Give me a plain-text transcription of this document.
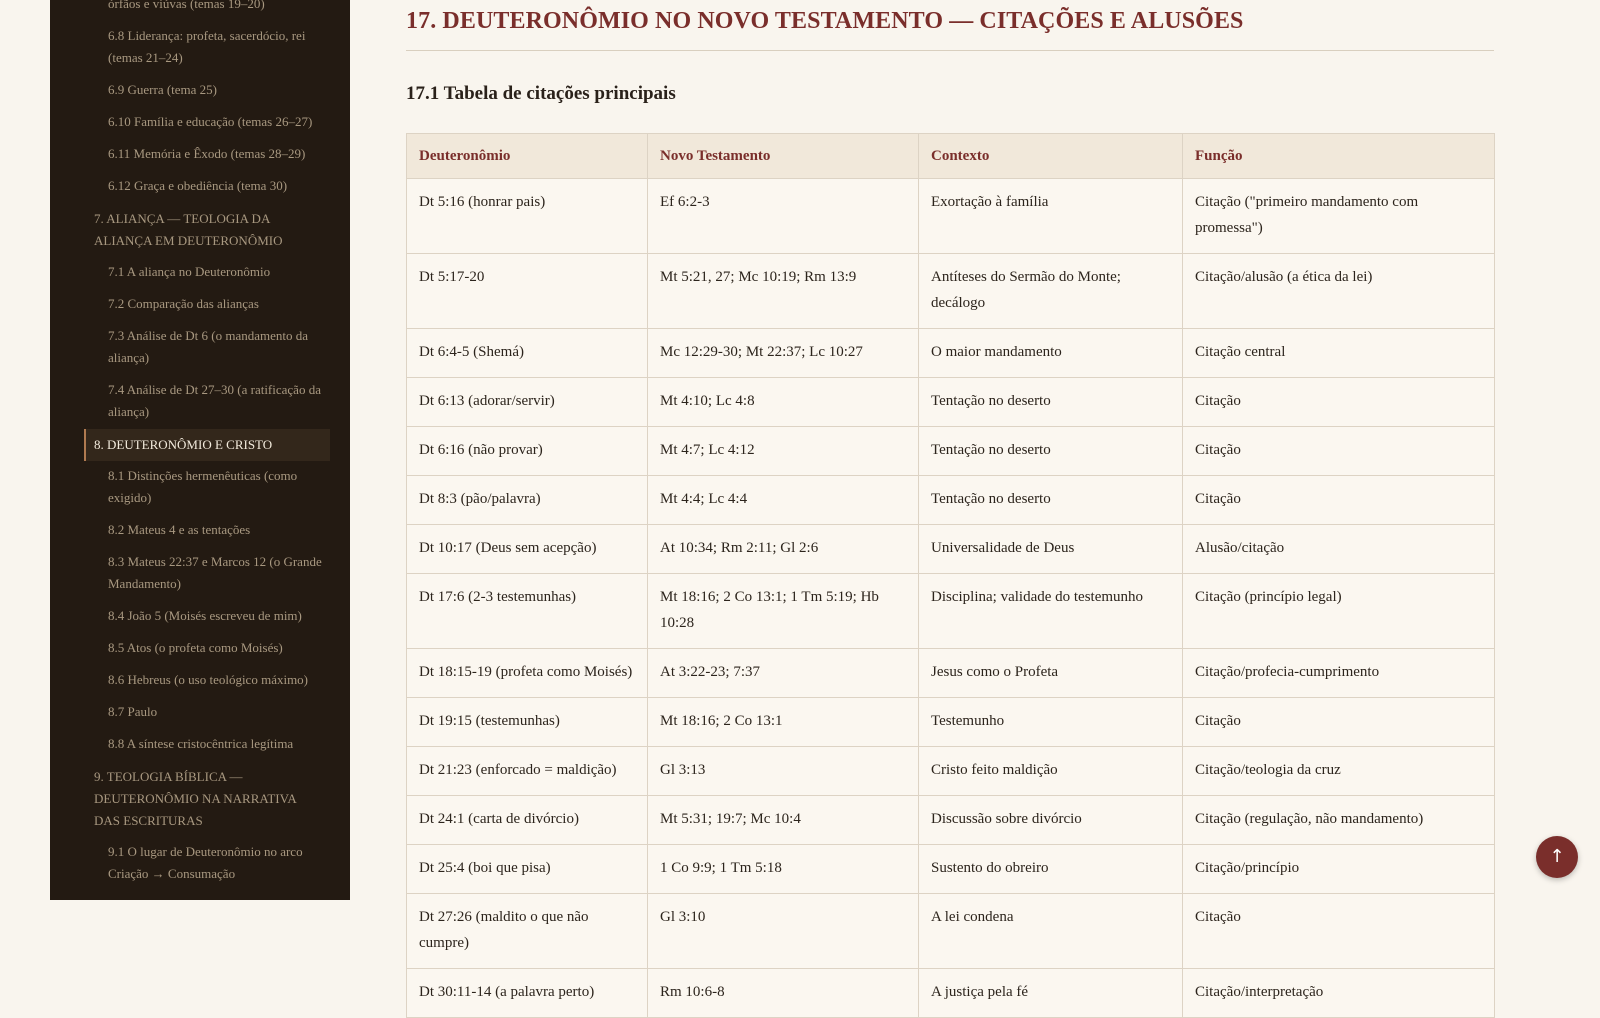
órfãos e viúvas (temas 19–20)
6.8 Liderança: profeta, sacerdócio, rei (temas 21–24)
6.9 Guerra (tema 25)
6.10 Família e educação (temas 26–27)
6.11 Memória e Êxodo (temas 28–29)
6.12 Graça e obediência (tema 30)
7. ALIANÇA — TEOLOGIA DA ALIANÇA EM DEUTERONÔMIO
7.1 A aliança no Deuteronômio
7.2 Comparação das alianças
7.3 Análise de Dt 6 (o mandamento da aliança)
7.4 Análise de Dt 27–30 (a ratificação da aliança)
8. DEUTERONÔMIO E CRISTO
8.1 Distinções hermenêuticas (como exigido)
8.2 Mateus 4 e as tentações
8.3 Mateus 22:37 e Marcos 12 (o Grande Mandamento)
8.4 João 5 (Moisés escreveu de mim)
8.5 Atos (o profeta como Moisés)
8.6 Hebreus (o uso teológico máximo)
8.7 Paulo
8.8 A síntese cristocêntrica legítima
9. TEOLOGIA BÍBLICA — DEUTERONÔMIO NA NARRATIVA DAS ESCRITURAS
9.1 O lugar de Deuteronômio no arco Criação → Consumação
17. DEUTERONÔMIO NO NOVO TESTAMENTO — CITAÇÕES E ALUSÕES
17.1 Tabela de citações principais
Deuteronômio	Novo Testamento	Contexto	Função
Dt 5:16 (honrar pais)	Ef 6:2-3	Exortação à família	Citação ("primeiro mandamento com promessa")
Dt 5:17-20	Mt 5:21, 27; Mc 10:19; Rm 13:9	Antíteses do Sermão do Monte; decálogo	Citação/alusão (a ética da lei)
Dt 6:4-5 (Shemá)	Mc 12:29-30; Mt 22:37; Lc 10:27	O maior mandamento	Citação central
Dt 6:13 (adorar/servir)	Mt 4:10; Lc 4:8	Tentação no deserto	Citação
Dt 6:16 (não provar)	Mt 4:7; Lc 4:12	Tentação no deserto	Citação
Dt 8:3 (pão/palavra)	Mt 4:4; Lc 4:4	Tentação no deserto	Citação
Dt 10:17 (Deus sem acepção)	At 10:34; Rm 2:11; Gl 2:6	Universalidade de Deus	Alusão/citação
Dt 17:6 (2-3 testemunhas)	Mt 18:16; 2 Co 13:1; 1 Tm 5:19; Hb 10:28	Disciplina; validade do testemunho	Citação (princípio legal)
Dt 18:15-19 (profeta como Moisés)	At 3:22-23; 7:37	Jesus como o Profeta	Citação/profecia-cumprimento
Dt 19:15 (testemunhas)	Mt 18:16; 2 Co 13:1	Testemunho	Citação
Dt 21:23 (enforcado = maldição)	Gl 3:13	Cristo feito maldição	Citação/teologia da cruz
Dt 24:1 (carta de divórcio)	Mt 5:31; 19:7; Mc 10:4	Discussão sobre divórcio	Citação (regulação, não mandamento)
Dt 25:4 (boi que pisa)	1 Co 9:9; 1 Tm 5:18	Sustento do obreiro	Citação/princípio
Dt 27:26 (maldito o que não cumpre)	Gl 3:10	A lei condena	Citação
Dt 30:11-14 (a palavra perto)	Rm 10:6-8	A justiça pela fé	Citação/interpretação
↑
